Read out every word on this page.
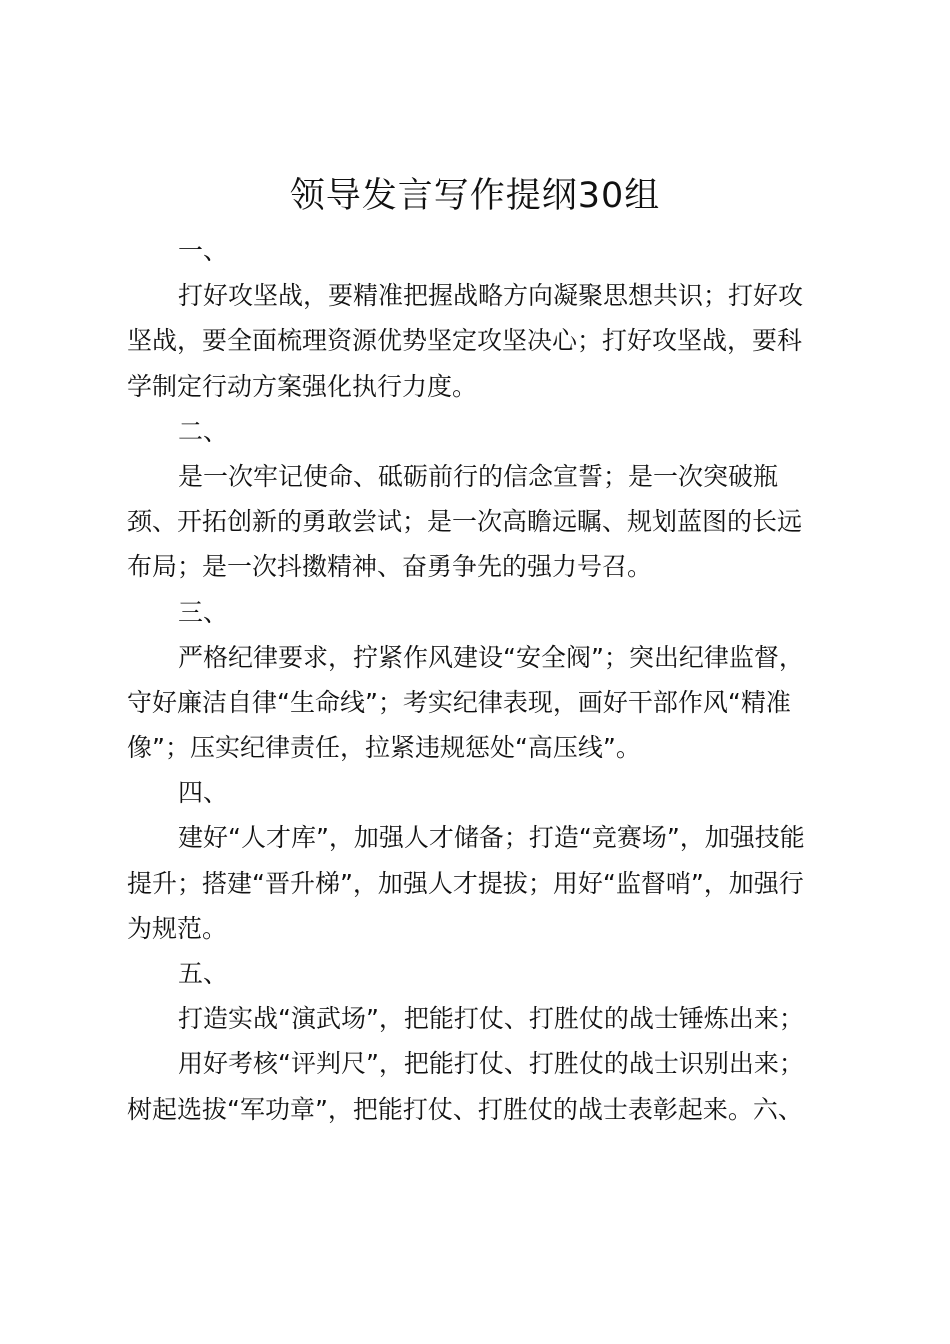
领导发言写作提纲30组
一、
打好攻坚战，要精准把握战略方向凝聚思想共识；打好攻
坚战，要全面梳理资源优势坚定攻坚决心；打好攻坚战，要科
学制定行动方案强化执行力度。
二、
是一次牢记使命、砥砺前行的信念宣誓；是一次突破瓶
颈、开拓创新的勇敢尝试；是一次高瞻远瞩、规划蓝图的长远
布局；是一次抖擞精神、奋勇争先的强力号召。
三、
严格纪律要求，拧紧作风建设“安全阀”；突出纪律监督，
守好廉洁自律“生命线”；考实纪律表现，画好干部作风“精准
像”；压实纪律责任，拉紧违规惩处“高压线”。
四、
建好“人才库”，加强人才储备；打造“竞赛场”，加强技能
提升；搭建“晋升梯”，加强人才提拔；用好“监督哨”，加强行
为规范。
五、
打造实战“演武场”，把能打仗、打胜仗的战士锤炼出来；
用好考核“评判尺”，把能打仗、打胜仗的战士识别出来；
树起选拔“军功章”，把能打仗、打胜仗的战士表彰起来。六、
